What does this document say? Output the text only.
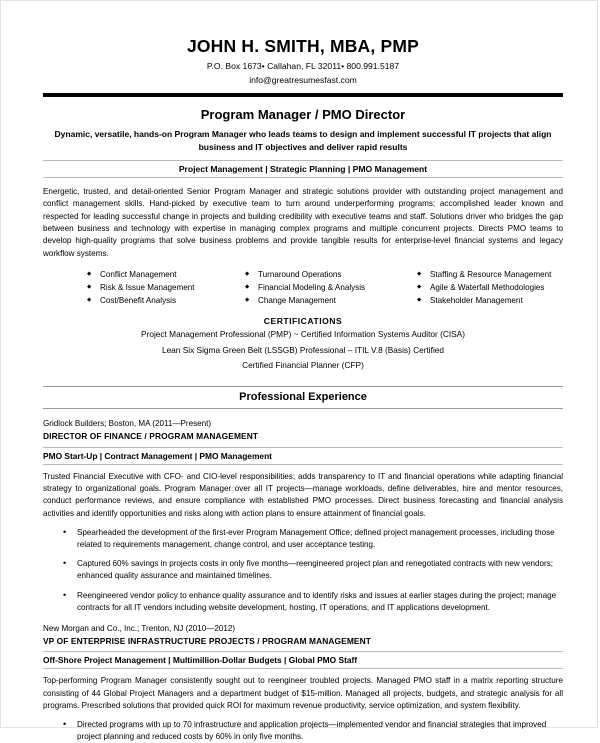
JOHN H. SMITH, MBA, PMP
P.O. Box 1673• Callahan, FL 32011• 800.991.5187
info@greatresumesfast.com
Program Manager / PMO Director
Dynamic, versatile, hands-on Program Manager who leads teams to design and implement successful IT projects that align business and IT objectives and deliver rapid results
Project Management | Strategic Planning | PMO Management
Energetic, trusted, and detail-oriented Senior Program Manager and strategic solutions provider with outstanding project management and conflict management skills. Hand-picked by executive team to turn around underperforming programs; accomplished leader known and respected for leading successful change in projects and building credibility with executive teams and staff. Solutions driver who bridges the gap between business and technology with expertise in managing complex programs and multiple concurrent projects. Directs PMO teams to develop high-quality programs that solve business problems and provide tangible results for enterprise-level financial systems and legacy workflow systems.
◆ Conflict Management
◆ Risk & Issue Management
◆ Cost/Benefit Analysis
◆ Turnaround Operations
◆ Financial Modeling & Analysis
◆ Change Management
◆ Staffing & Resource Management
◆ Agile & Waterfall Methodologies
◆ Stakeholder Management
CERTIFICATIONS
Project Management Professional (PMP) ~ Certified Information Systems Auditor (CISA)
Lean Six Sigma Green Belt (LSSGB) Professional – ITIL V.8 (Basis) Certified
Certified Financial Planner (CFP)
Professional Experience
Gridlock Builders; Boston, MA (2011—Present)
DIRECTOR OF FINANCE / PROGRAM MANAGEMENT
PMO Start-Up | Contract Management | PMO Management
Trusted Financial Executive with CFO- and CIO-level responsibilities; adds transparency to IT and financial operations while adapting financial strategy to organizational goals. Program Manager over all IT projects—manage workloads, define deliverables, hire and mentor resources, conduct performance reviews, and ensure compliance with established PMO processes. Direct business forecasting and financial analysis activities and identify opportunities and risks along with action plans to ensure attainment of financial goals.
• Spearheaded the development of the first-ever Program Management Office; defined project management processes, including those related to requirements management, change control, and user acceptance testing.
• Captured 60% savings in projects costs in only five months—reengineered project plan and renegotiated contracts with new vendors; enhanced quality assurance and maintained timelines.
• Reengineered vendor policy to enhance quality assurance and to identify risks and issues at earlier stages during the project; manage contracts for all IT vendors including website development, hosting, IT operations, and IT applications development.
New Morgan and Co., Inc.; Trenton, NJ (2010—2012)
VP OF ENTERPRISE INFRASTRUCTURE PROJECTS / PROGRAM MANAGEMENT
Off-Shore Project Management | Multimillion-Dollar Budgets | Global PMO Staff
Top-performing Program Manager consistently sought out to reengineer troubled projects. Managed PMO staff in a matrix reporting structure consisting of 44 Global Project Managers and a department budget of $15-million. Managed all projects, budgets, and strategic analysis for all programs. Prescribed solutions that provided quick ROI for maximum revenue productivity, service optimization, and system flexibility.
• Directed programs with up to 70 infrastructure and application projects—implemented vendor and financial strategies that improved project planning and reduced costs by 60% in only five months.
